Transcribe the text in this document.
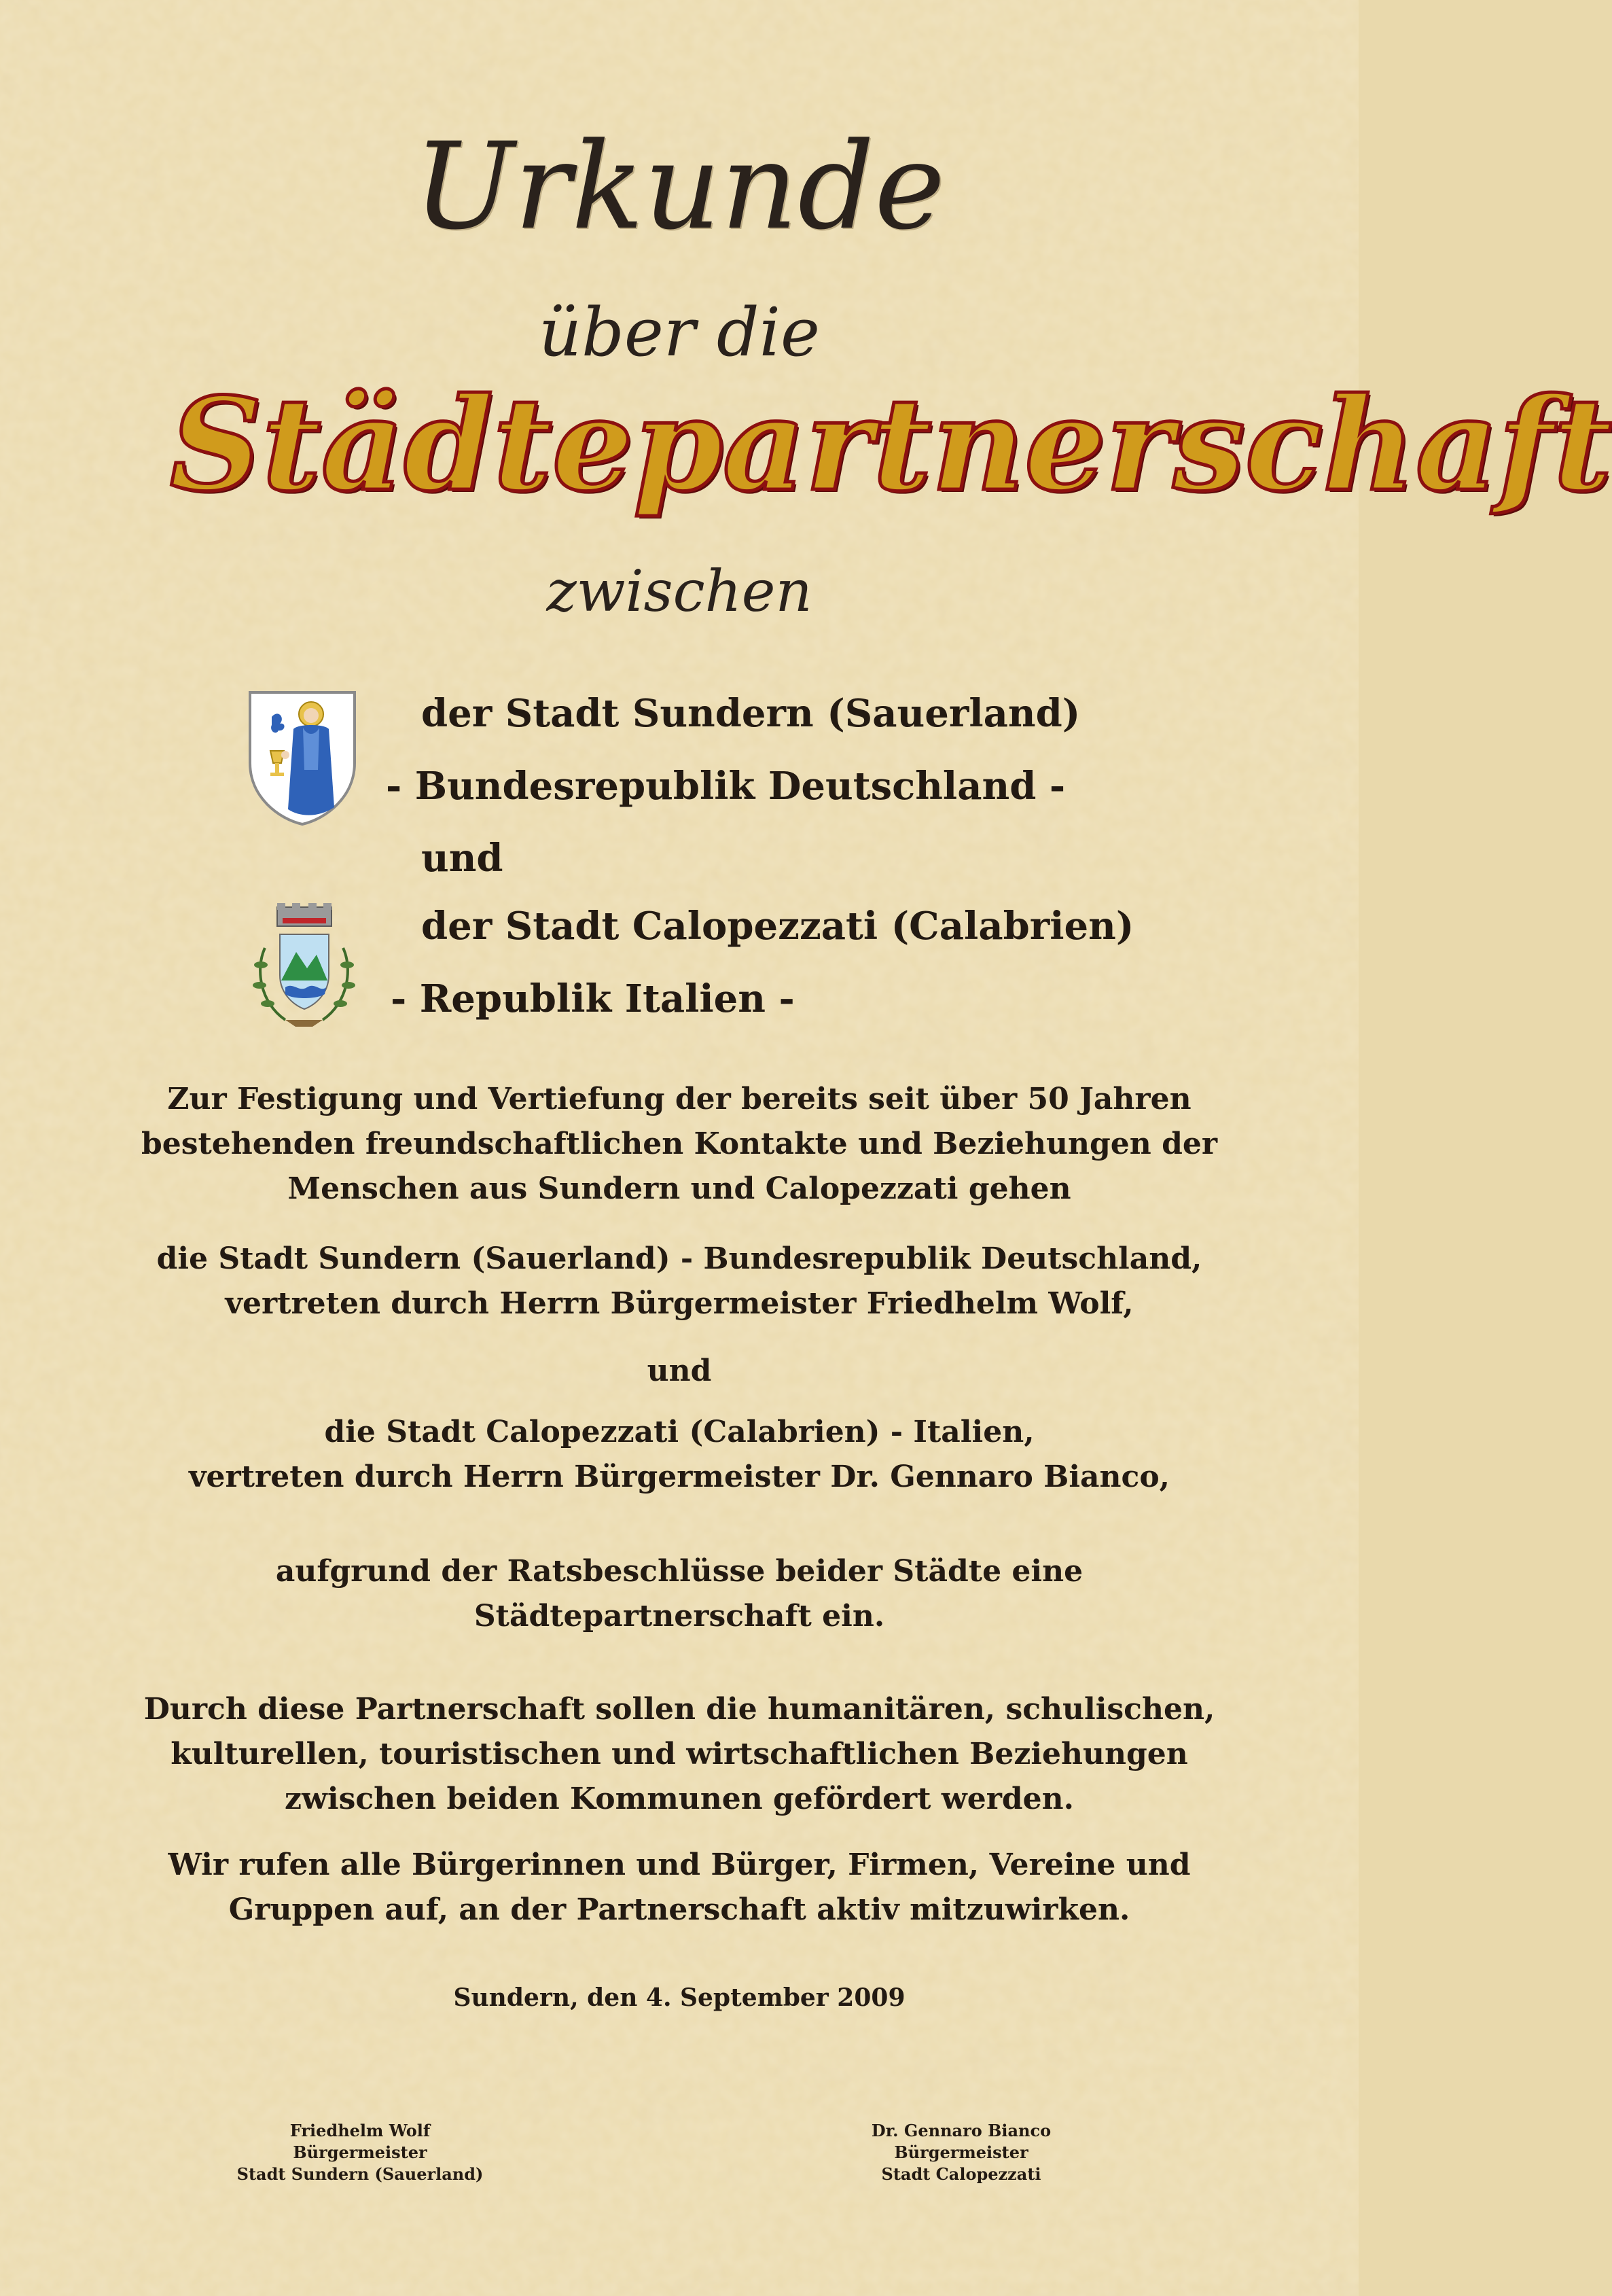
Urkunde
über die
Städtepartnerschaft
zwischen
der Stadt Sundern (Sauerland)
- Bundesrepublik Deutschland -
und
der Stadt Calopezzati (Calabrien)
- Republik Italien -
Zur Festigung und Vertiefung der bereits seit über 50 Jahren
bestehenden freundschaftlichen Kontakte und Beziehungen der
Menschen aus Sundern und Calopezzati gehen
die Stadt Sundern (Sauerland) - Bundesrepublik Deutschland,
vertreten durch Herrn Bürgermeister Friedhelm Wolf,
und
die Stadt Calopezzati (Calabrien) - Italien,
vertreten durch Herrn Bürgermeister Dr. Gennaro Bianco,
aufgrund der Ratsbeschlüsse beider Städte eine
Städtepartnerschaft ein.
Durch diese Partnerschaft sollen die humanitären, schulischen,
kulturellen, touristischen und wirtschaftlichen Beziehungen
zwischen beiden Kommunen gefördert werden.
Wir rufen alle Bürgerinnen und Bürger, Firmen, Vereine und
Gruppen auf, an der Partnerschaft aktiv mitzuwirken.
Sundern, den 4. September 2009
Friedhelm Wolf
Bürgermeister
Stadt Sundern (Sauerland)
Dr. Gennaro Bianco
Bürgermeister
Stadt Calopezzati
